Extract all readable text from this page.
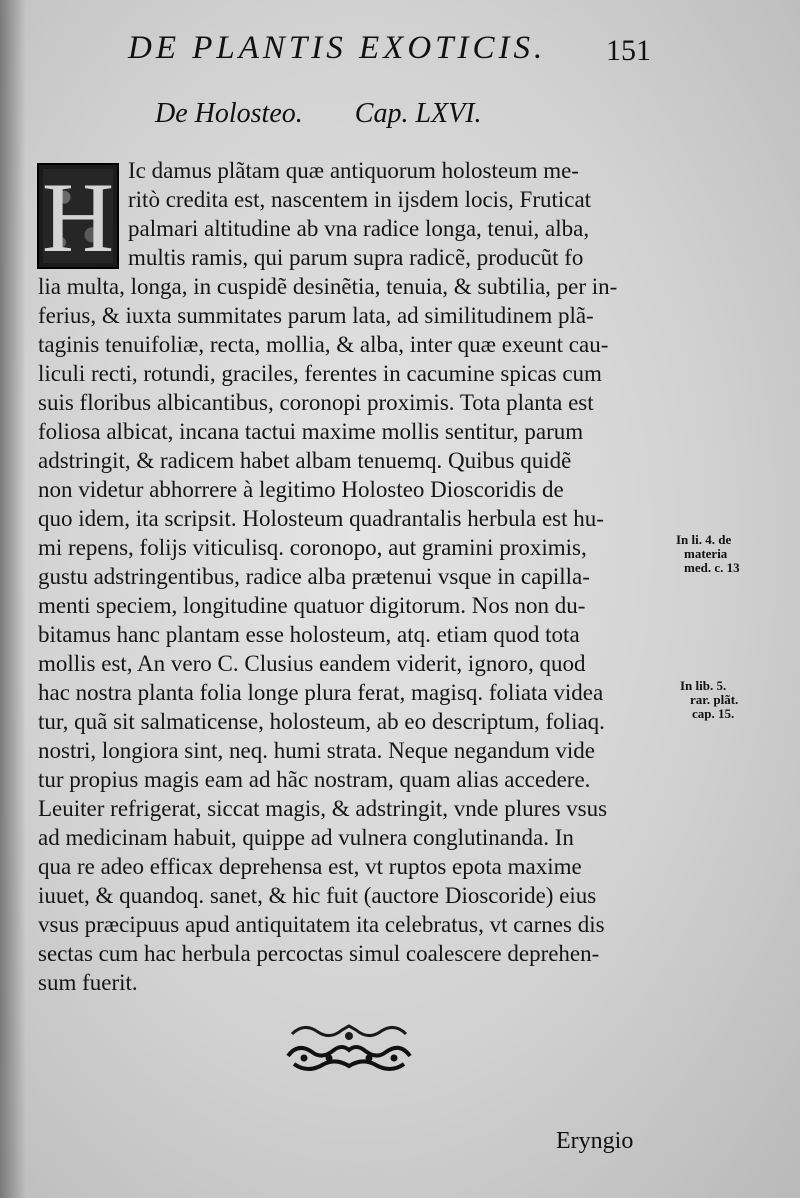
DE PLANTIS EXOTICIS. 151
De Holosteo. Cap. LXVI.
H Ic damus plãtam quæ antiquorum holosteum me-
ritò credita est, nascentem in ijsdem locis, Fruticat
palmari altitudine ab vna radice longa, tenui, alba,
multis ramis, qui parum supra radicẽ, producũt fo
lia multa, longa, in cuspidẽ desinẽtia, tenuia, & subtilia, per in-
ferius, & iuxta summitates parum lata, ad similitudinem plã-
taginis tenuifoliæ, recta, mollia, & alba, inter quæ exeunt cau-
liculi recti, rotundi, graciles, ferentes in cacumine spicas cum
suis floribus albicantibus, coronopi proximis. Tota planta est
foliosa albicat, incana tactui maxime mollis sentitur, parum
adstringit, & radicem habet albam tenuemq. Quibus quidẽ
non videtur abhorrere à legitimo Holosteo Dioscoridis de
quo idem, ita scripsit. Holosteum quadrantalis herbula est hu-
mi repens, folijs viticulisq. coronopo, aut gramini proximis,
gustu adstringentibus, radice alba prætenui vsque in capilla-
menti speciem, longitudine quatuor digitorum. Nos non du-
bitamus hanc plantam esse holosteum, atq. etiam quod tota
mollis est, An vero C. Clusius eandem viderit, ignoro, quod
hac nostra planta folia longe plura ferat, magisq. foliata videa
tur, quã sit salmaticense, holosteum, ab eo descriptum, foliaq.
nostri, longiora sint, neq. humi strata. Neque negandum vide
tur propius magis eam ad hãc nostram, quam alias accedere.
Leuiter refrigerat, siccat magis, & adstringit, vnde plures vsus
ad medicinam habuit, quippe ad vulnera conglutinanda. In
qua re adeo efficax deprehensa est, vt ruptos epota maxime
iuuet, & quandoq. sanet, & hic fuit (auctore Dioscoride) eius
vsus præcipuus apud antiquitatem ita celebratus, vt carnes dis
sectas cum hac herbula percoctas simul coalescere deprehen-
sum fuerit.
In li. 4. de
materia
med. c. 13
In lib. 5.
rar. plãt.
cap. 15.
Eryngio
